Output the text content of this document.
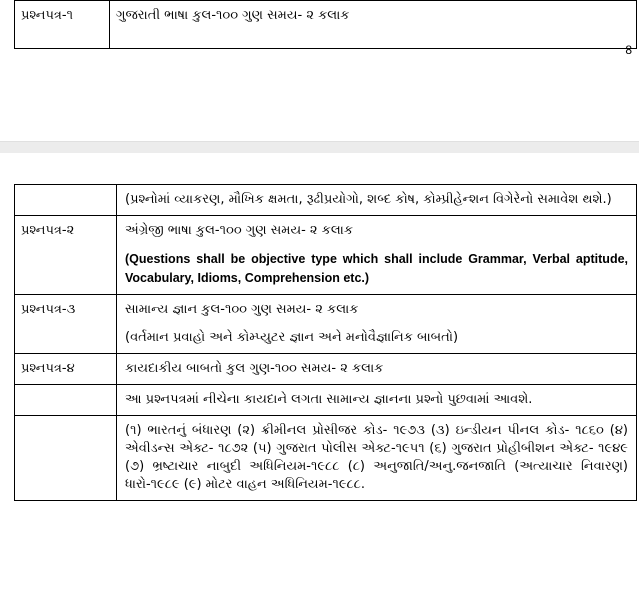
પ્રશ્નપત્ર-૧	ગુજરાતી ભાષા કુલ-૧૦૦ ગુણ સમય- ૨ કલાક
8
	(પ્રશ્નોમાં વ્યાકરણ, મૌખિક ક્ષમતા, રૂઢીપ્રયોગો, શબ્દ કોષ, કોમ્પ્રીહેન્શન વિગેરેનો સમાવેશ થશે.)
પ્રશ્નપત્ર-૨	અંગ્રેજી ભાષા કુલ-૧૦૦ ગુણ સમય- ૨ કલાક
(Questions shall be objective type which shall include Grammar, Verbal aptitude, Vocabulary, Idioms, Comprehension etc.)

પ્રશ્નપત્ર-૩	સામાન્ય જ્ઞાન કુલ-૧૦૦ ગુણ સમય- ૨ કલાક
(વર્તમાન પ્રવાહો અને કોમ્પ્યુટર જ્ઞાન અને મનોવૈજ્ઞાનિક બાબતો)

પ્રશ્નપત્ર-૪	કાયદાકીય બાબતો કુલ ગુણ-૧૦૦ સમય- ૨ કલાક
	આ પ્રશ્નપત્રમાં નીચેના કાયદાને લગતા સામાન્ય જ્ઞાનના પ્રશ્નો પુછવામાં આવશે.
	(૧) ભારતનું બંધારણ (૨) ક્રીમીનલ પ્રોસીજર કોડ- ૧૯૭૩ (૩) ઇન્ડીયન પીનલ કોડ- ૧૮૬૦ (૪) એવીડન્સ એક્ટ- ૧૮૭૨ (૫) ગુજરાત પોલીસ એક્ટ-૧૯૫૧ (૬) ગુજરાત પ્રોહીબીશન એક્ટ- ૧૯૪૯ (૭) ભ્રષ્ટાચાર નાબુદી અધિનિયમ-૧૯૮૮ (૮) અનુજાતિ/અનુ.જનજાતિ (અત્યાચાર નિવારણ) ધારો-૧૯૮૯ (૯) મોટર વાહન અધિનિયમ-૧૯૮૮.
